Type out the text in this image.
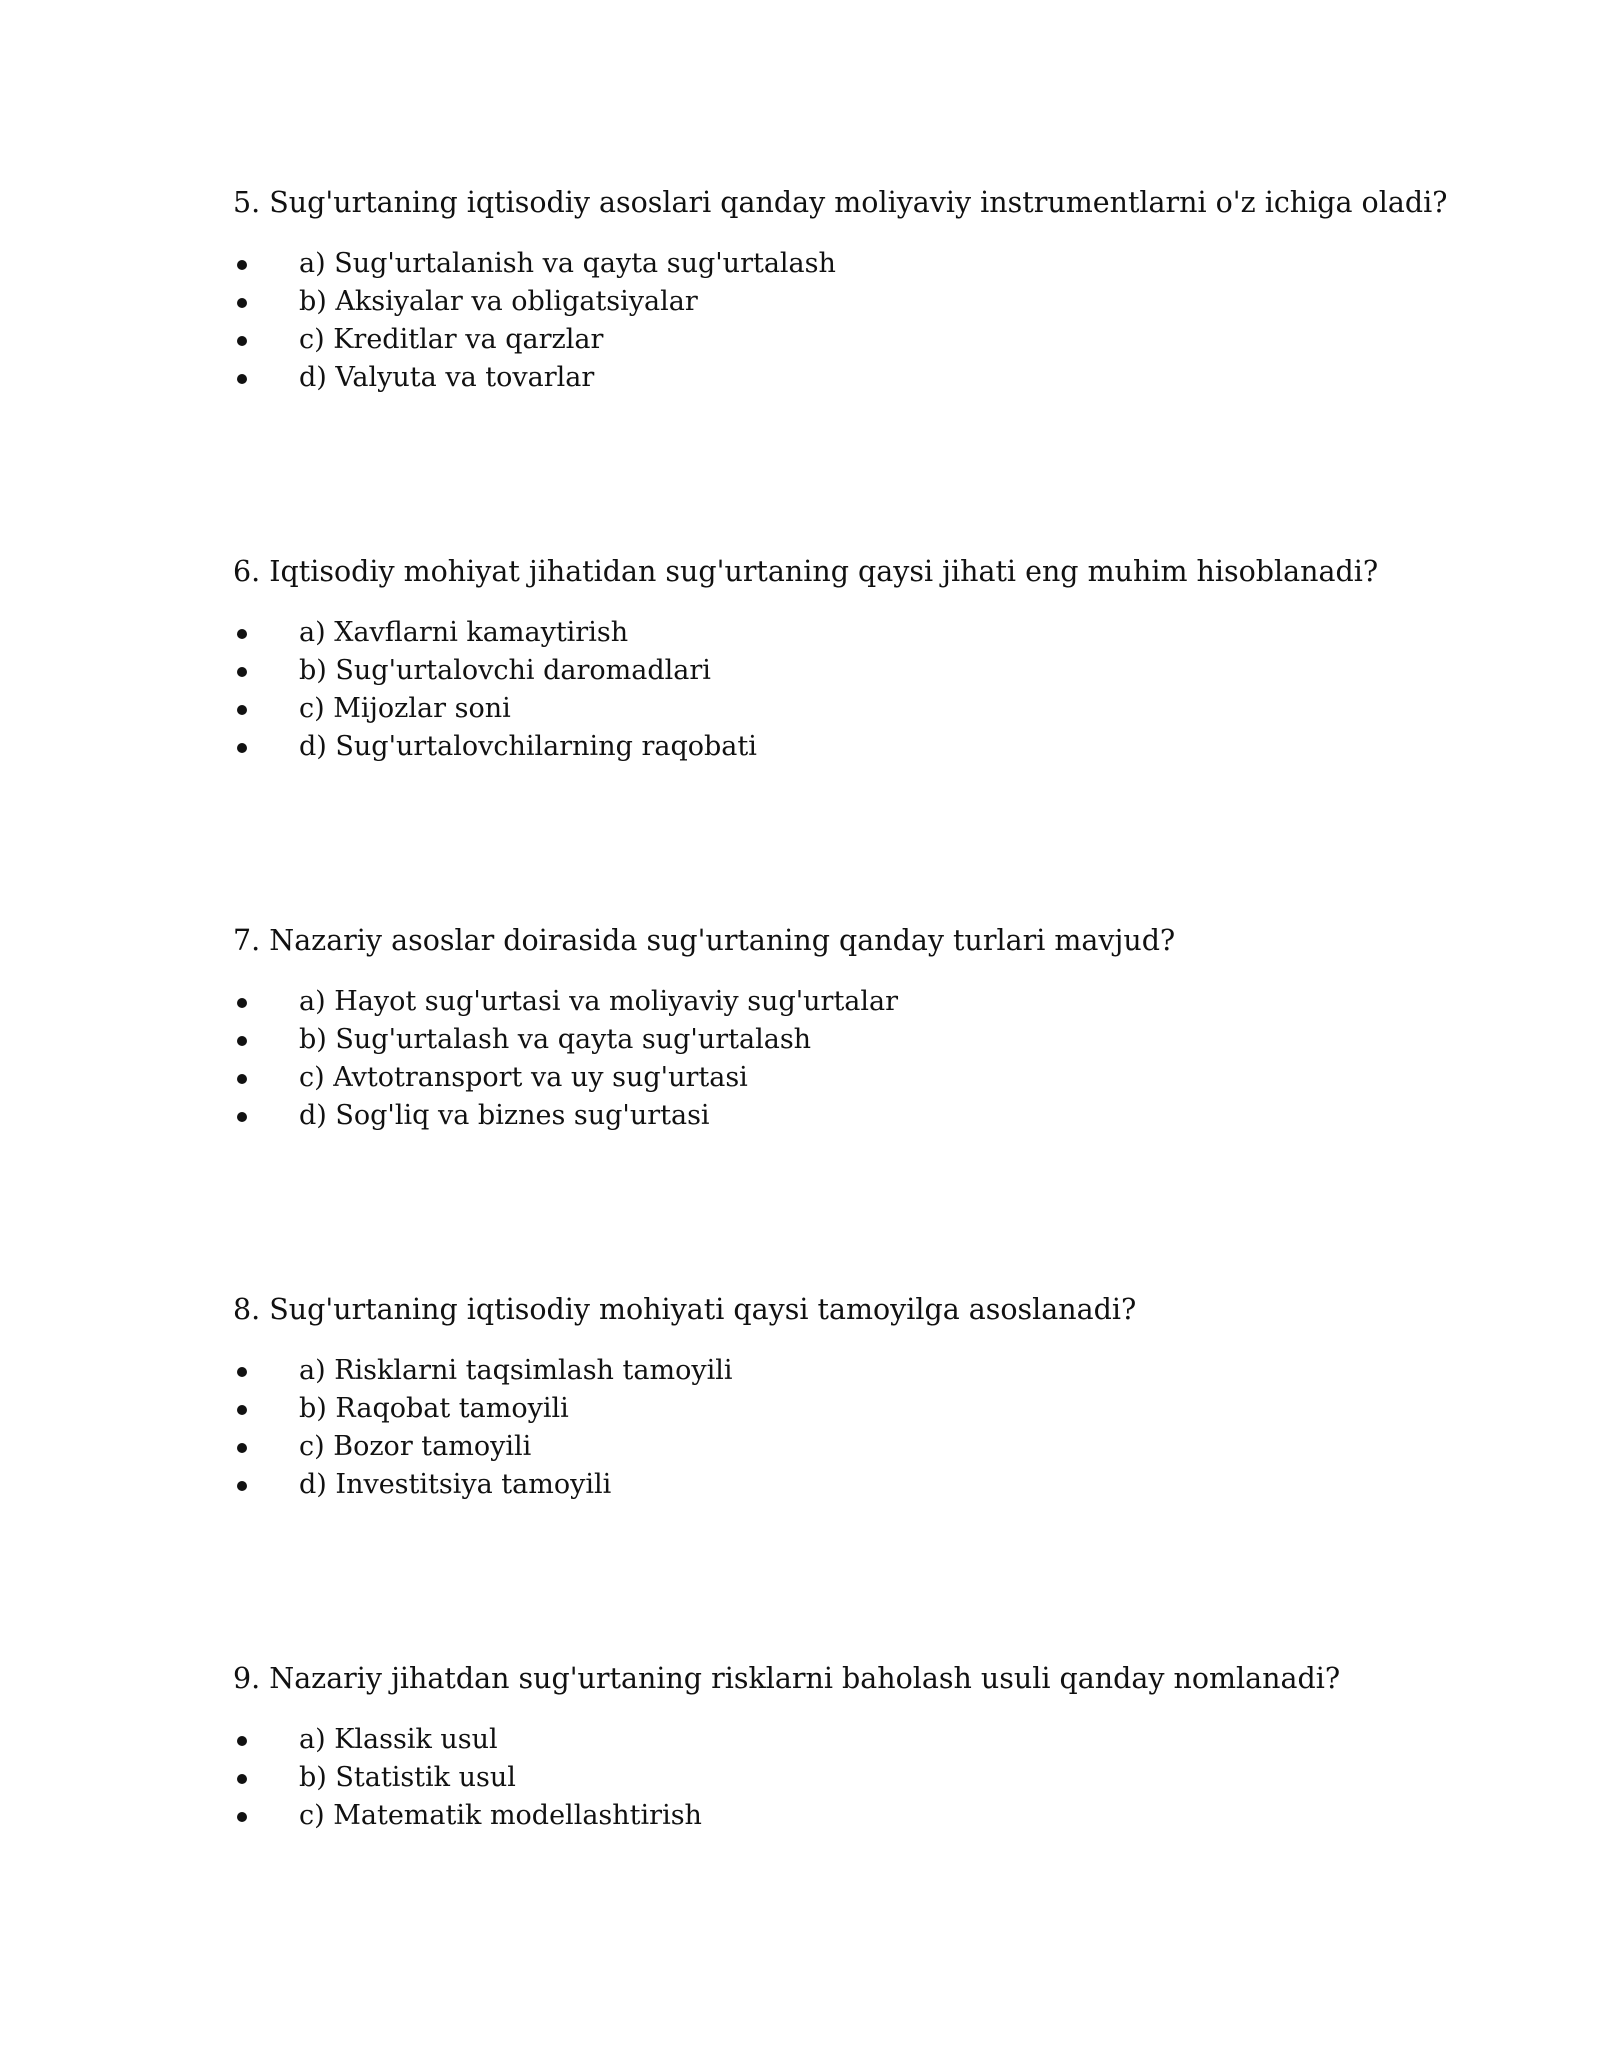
5. Sug'urtaning iqtisodiy asoslari qanday moliyaviy instrumentlarni o'z ichiga oladi?

a) Sug'urtalanish va qayta sug'urtalash
b) Aksiyalar va obligatsiyalar
c) Kreditlar va qarzlar
d) Valyuta va tovarlar

6. Iqtisodiy mohiyat jihatidan sug'urtaning qaysi jihati eng muhim hisoblanadi?

a) Xavflarni kamaytirish
b) Sug'urtalovchi daromadlari
c) Mijozlar soni
d) Sug'urtalovchilarning raqobati

7. Nazariy asoslar doirasida sug'urtaning qanday turlari mavjud?

a) Hayot sug'urtasi va moliyaviy sug'urtalar
b) Sug'urtalash va qayta sug'urtalash
c) Avtotransport va uy sug'urtasi
d) Sog'liq va biznes sug'urtasi

8. Sug'urtaning iqtisodiy mohiyati qaysi tamoyilga asoslanadi?

a) Risklarni taqsimlash tamoyili
b) Raqobat tamoyili
c) Bozor tamoyili
d) Investitsiya tamoyili

9. Nazariy jihatdan sug'urtaning risklarni baholash usuli qanday nomlanadi?

a) Klassik usul
b) Statistik usul
c) Matematik modellashtirish
